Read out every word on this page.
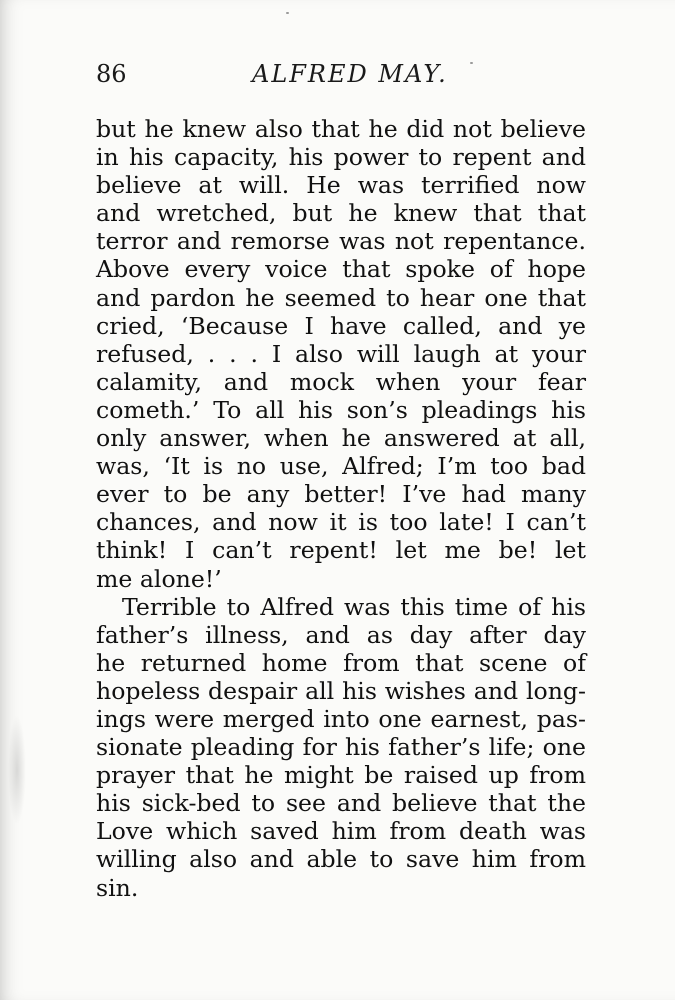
86	ALFRED MAY.
but he knew also that he did not believe
in his capacity, his power to repent and
believe at will. He was terrified now
and wretched, but he knew that that
terror and remorse was not repentance.
Above every voice that spoke of hope
and pardon he seemed to hear one that
cried, ‘Because I have called, and ye
refused, . . . I also will laugh at your
calamity, and mock when your fear
cometh.’ To all his son’s pleadings his
only answer, when he answered at all,
was, ‘It is no use, Alfred; I’m too bad
ever to be any better! I’ve had many
chances, and now it is too late! I can’t
think! I can’t repent! let me be! let
me alone!’
Terrible to Alfred was this time of his
father’s illness, and as day after day
he returned home from that scene of
hopeless despair all his wishes and long-
ings were merged into one earnest, pas-
sionate pleading for his father’s life; one
prayer that he might be raised up from
his sick-bed to see and believe that the
Love which saved him from death was
willing also and able to save him from
sin.
